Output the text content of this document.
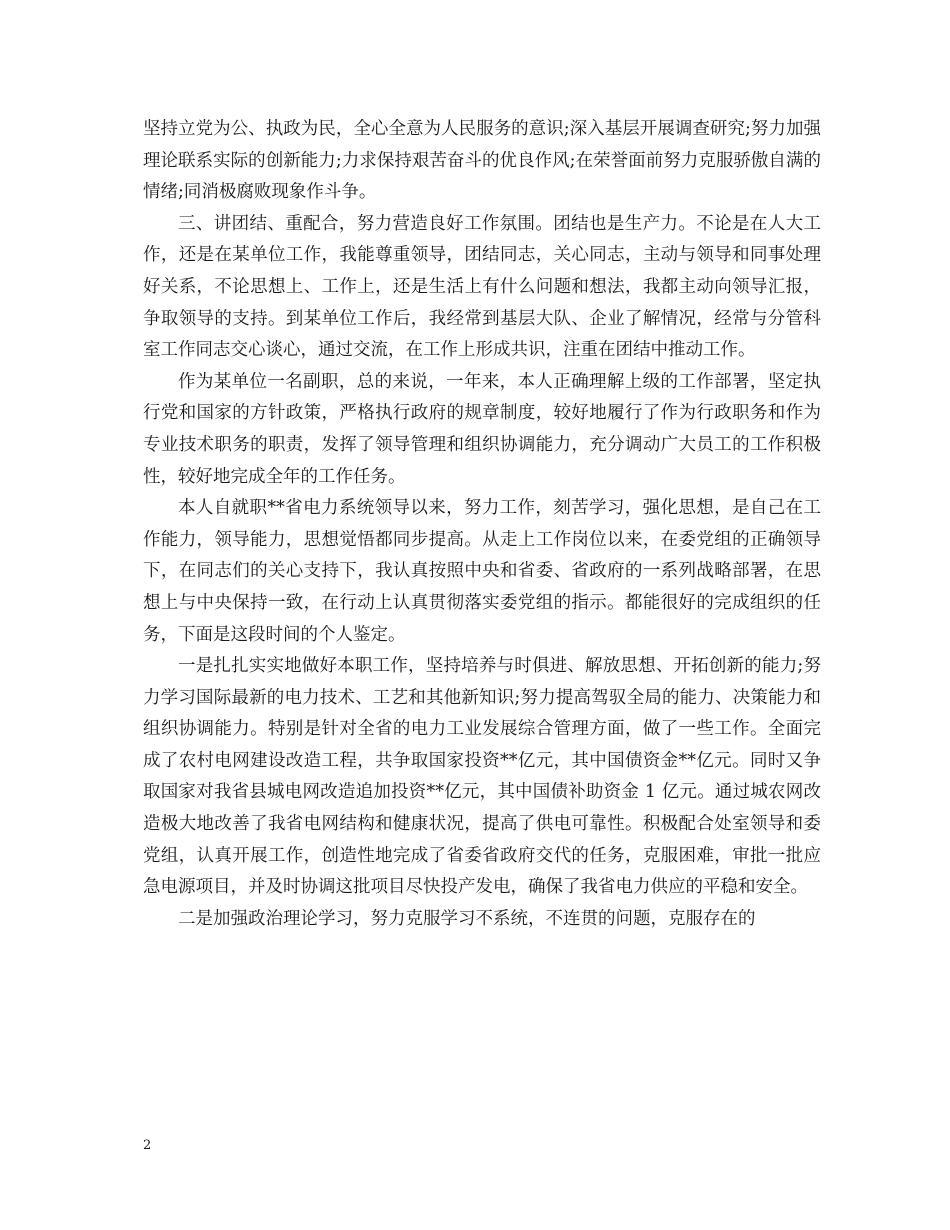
坚持立党为公、执政为民，全心全意为人民服务的意识;深入基层开展调查研究;努力加强理论联系实际的创新能力;力求保持艰苦奋斗的优良作风;在荣誉面前努力克服骄傲自满的情绪;同消极腐败现象作斗争。

三、讲团结、重配合，努力营造良好工作氛围。团结也是生产力。不论是在人大工作，还是在某单位工作，我能尊重领导，团结同志，关心同志，主动与领导和同事处理好关系，不论思想上、工作上，还是生活上有什么问题和想法，我都主动向领导汇报，争取领导的支持。到某单位工作后，我经常到基层大队、企业了解情况，经常与分管科室工作同志交心谈心，通过交流，在工作上形成共识，注重在团结中推动工作。

作为某单位一名副职，总的来说，一年来，本人正确理解上级的工作部署，坚定执行党和国家的方针政策，严格执行政府的规章制度，较好地履行了作为行政职务和作为专业技术职务的职责，发挥了领导管理和组织协调能力，充分调动广大员工的工作积极性，较好地完成全年的工作任务。

本人自就职**省电力系统领导以来，努力工作，刻苦学习，强化思想，是自己在工作能力，领导能力，思想觉悟都同步提高。从走上工作岗位以来，在委党组的正确领导下，在同志们的关心支持下，我认真按照中央和省委、省政府的一系列战略部署，在思想上与中央保持一致，在行动上认真贯彻落实委党组的指示。都能很好的完成组织的任务，下面是这段时间的个人鉴定。

一是扎扎实实地做好本职工作，坚持培养与时俱进、解放思想、开拓创新的能力;努力学习国际最新的电力技术、工艺和其他新知识;努力提高驾驭全局的能力、决策能力和组织协调能力。特别是针对全省的电力工业发展综合管理方面，做了一些工作。全面完成了农村电网建设改造工程，共争取国家投资**亿元，其中国债资金**亿元。同时又争取国家对我省县城电网改造追加投资**亿元，其中国债补助资金 1 亿元。通过城农网改造极大地改善了我省电网结构和健康状况，提高了供电可靠性。积极配合处室领导和委党组，认真开展工作，创造性地完成了省委省政府交代的任务，克服困难，审批一批应急电源项目，并及时协调这批项目尽快投产发电，确保了我省电力供应的平稳和安全。

二是加强政治理论学习，努力克服学习不系统，不连贯的问题，克服存在的

2
